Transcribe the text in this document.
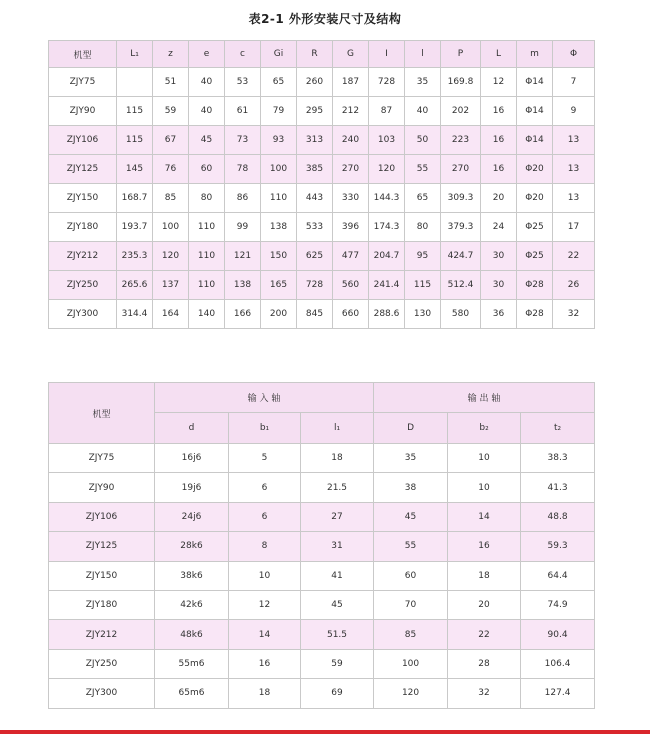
表2-1 外形安装尺寸及结构
机型	L₁	z	e	c	Gi	R	G	I	l	P	L	m	Φ
ZJY75		51	40	53	65	260	187	728	35	169.8	12	Φ14	7
ZJY90	115	59	40	61	79	295	212	87	40	202	16	Φ14	9
ZJY106	115	67	45	73	93	313	240	103	50	223	16	Φ14	13
ZJY125	145	76	60	78	100	385	270	120	55	270	16	Φ20	13
ZJY150	168.7	85	80	86	110	443	330	144.3	65	309.3	20	Φ20	13
ZJY180	193.7	100	110	99	138	533	396	174.3	80	379.3	24	Φ25	17
ZJY212	235.3	120	110	121	150	625	477	204.7	95	424.7	30	Φ25	22
ZJY250	265.6	137	110	138	165	728	560	241.4	115	512.4	30	Φ28	26
ZJY300	314.4	164	140	166	200	845	660	288.6	130	580	36	Φ28	32
机型	输 入 轴			输 出 轴		
	d	b₁	l₁	D	b₂	t₂
ZJY75	16j6	5	18	35	10	38.3
ZJY90	19j6	6	21.5	38	10	41.3
ZJY106	24j6	6	27	45	14	48.8
ZJY125	28k6	8	31	55	16	59.3
ZJY150	38k6	10	41	60	18	64.4
ZJY180	42k6	12	45	70	20	74.9
ZJY212	48k6	14	51.5	85	22	90.4
ZJY250	55m6	16	59	100	28	106.4
ZJY300	65m6	18	69	120	32	127.4
